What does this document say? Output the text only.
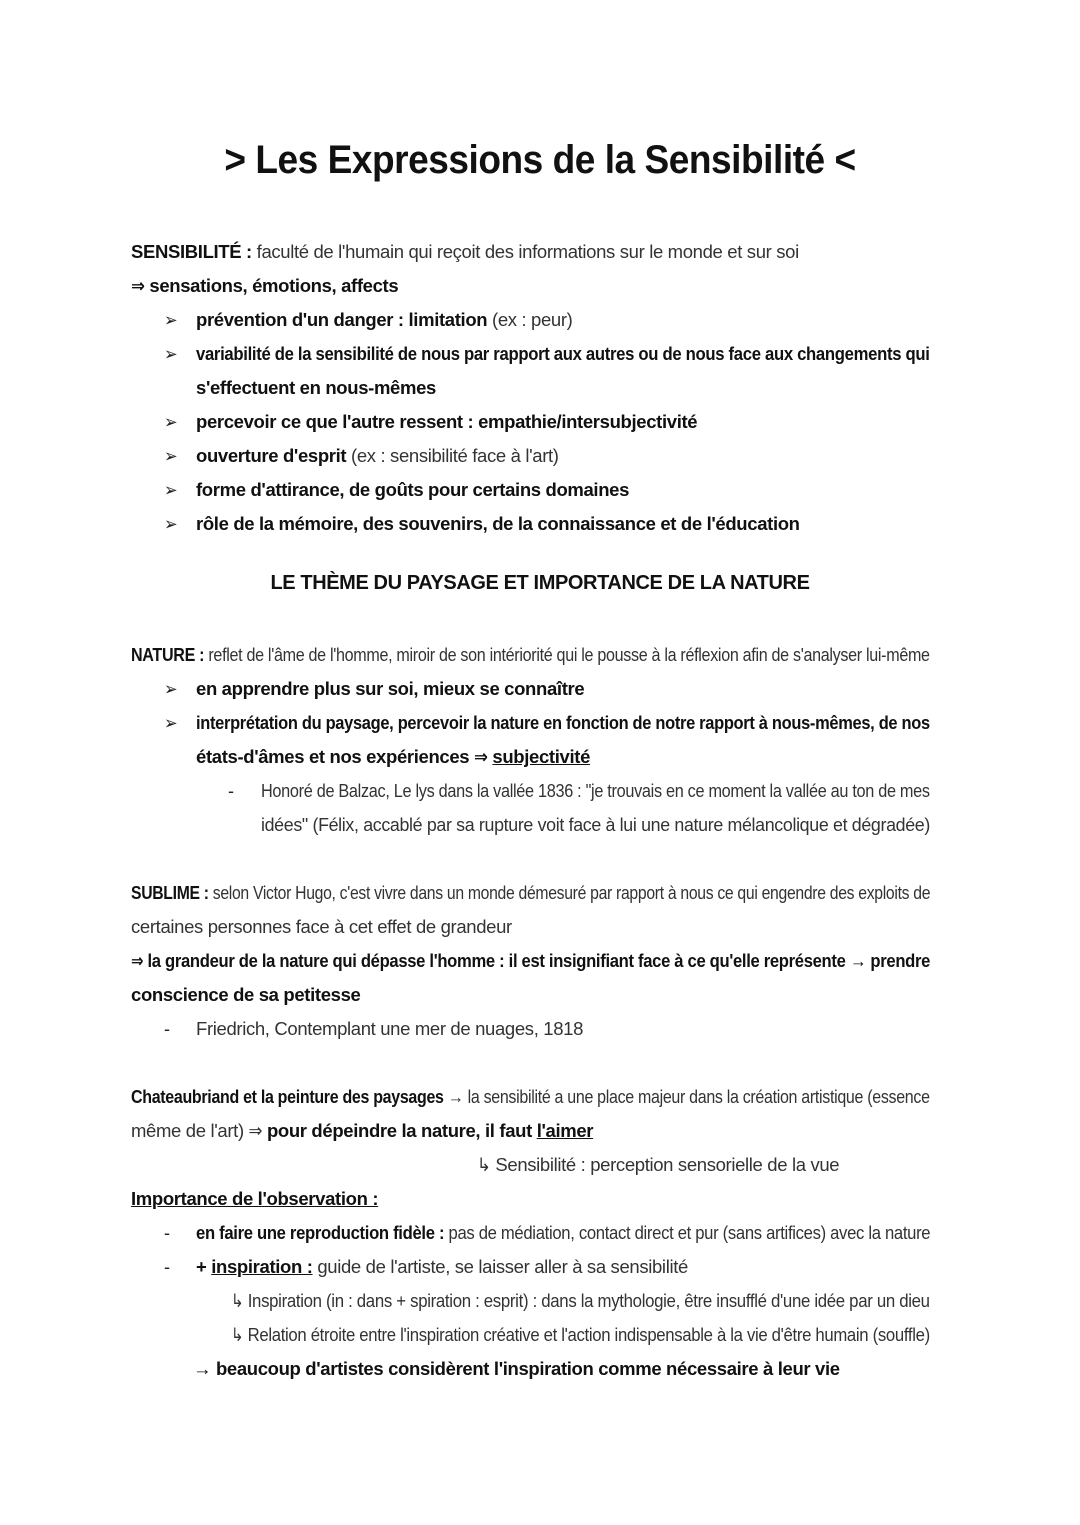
> Les Expressions de la Sensibilité <
SENSIBILITÉ : faculté de l'humain qui reçoit des informations sur le monde et sur soi
⇒ sensations, émotions, affects
➢ prévention d'un danger : limitation (ex : peur)
➢ variabilité de la sensibilité de nous par rapport aux autres ou de nous face aux changements qui
s'effectuent en nous-mêmes
➢ percevoir ce que l'autre ressent : empathie/intersubjectivité
➢ ouverture d'esprit (ex : sensibilité face à l'art)
➢ forme d'attirance, de goûts pour certains domaines
➢ rôle de la mémoire, des souvenirs, de la connaissance et de l'éducation
LE THÈME DU PAYSAGE ET IMPORTANCE DE LA NATURE
NATURE : reflet de l'âme de l'homme, miroir de son intériorité qui le pousse à la réflexion afin de s'analyser lui-même
➢ en apprendre plus sur soi, mieux se connaître
➢ interprétation du paysage, percevoir la nature en fonction de notre rapport à nous-mêmes, de nos
états-d'âmes et nos expériences ⇒ subjectivité
- Honoré de Balzac, Le lys dans la vallée 1836 : "je trouvais en ce moment la vallée au ton de mes
idées" (Félix, accablé par sa rupture voit face à lui une nature mélancolique et dégradée)
SUBLIME : selon Victor Hugo, c'est vivre dans un monde démesuré par rapport à nous ce qui engendre des exploits de
certaines personnes face à cet effet de grandeur
⇒ la grandeur de la nature qui dépasse l'homme : il est insignifiant face à ce qu'elle représente → prendre
conscience de sa petitesse
- Friedrich, Contemplant une mer de nuages, 1818
Chateaubriand et la peinture des paysages → la sensibilité a une place majeur dans la création artistique (essence
même de l'art) ⇒ pour dépeindre la nature, il faut l'aimer
↳ Sensibilité : perception sensorielle de la vue
Importance de l'observation :
- en faire une reproduction fidèle : pas de médiation, contact direct et pur (sans artifices) avec la nature
- + inspiration : guide de l'artiste, se laisser aller à sa sensibilité
↳ Inspiration (in : dans + spiration : esprit) : dans la mythologie, être insufflé d'une idée par un dieu
↳ Relation étroite entre l'inspiration créative et l'action indispensable à la vie d'être humain (souffle)
→ beaucoup d'artistes considèrent l'inspiration comme nécessaire à leur vie
